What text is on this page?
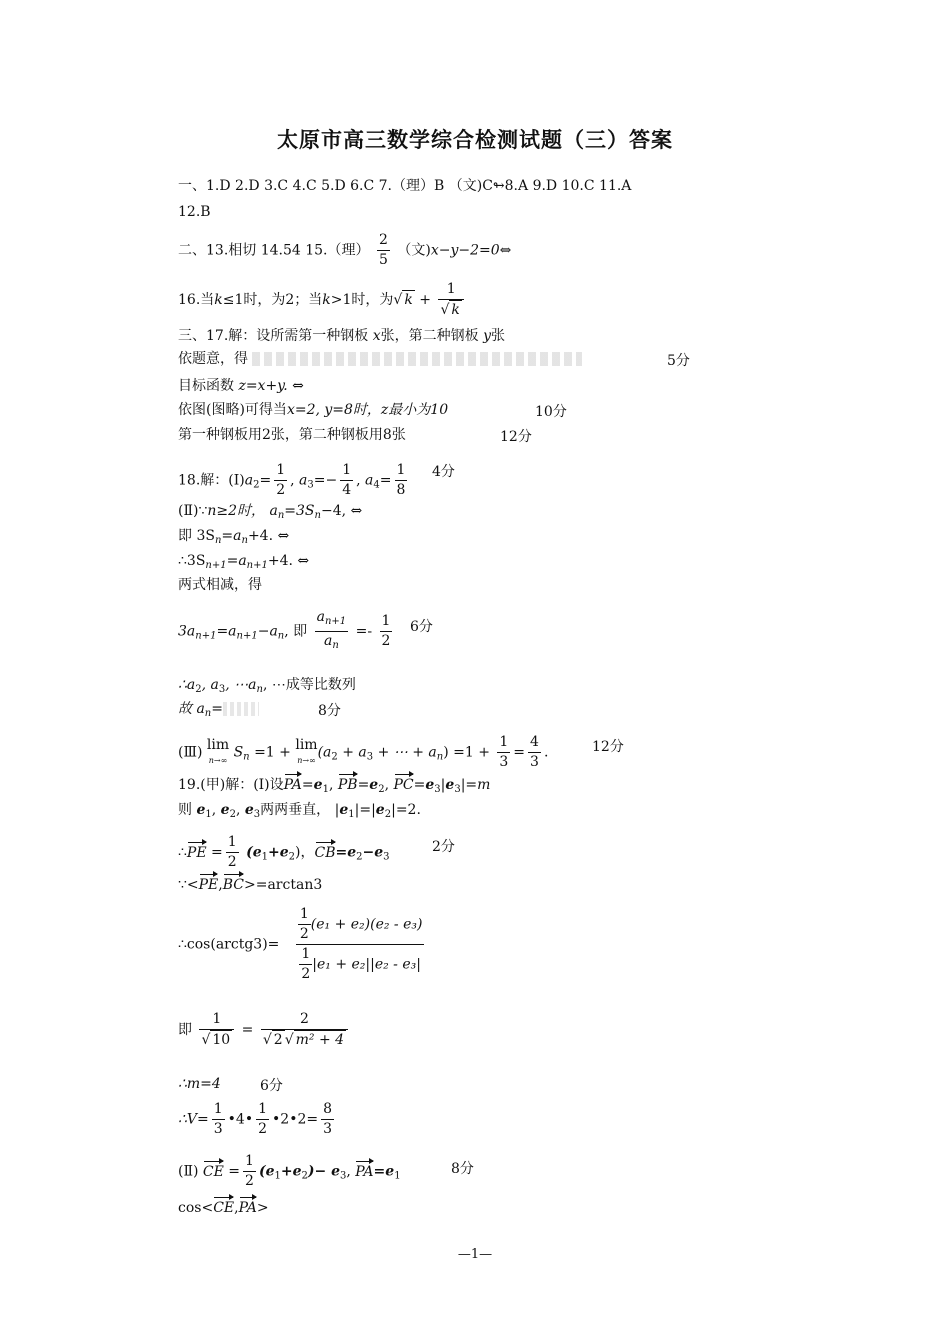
太原市高三数学综合检测试题（三）答案
一、1.D 2.D 3.C 4.C 5.D 6.C 7.（理）B （文)C↬8.A 9.D 10.C 11.A
12.B
二、13.相切 14.54 15.（理） $\frac{2}{5}$ （文)x−y−2=0⇔
16.当k≤1时，为2；当k>1时，为√ $k + \frac{1}{√ k}$
三、17.解：设所需第一种钢板 x张，第二种钢板 y张
依题意，得	5分
目标函数 z=x+y. ⇔
依图(图略)可得当x=2, y=8时，z最小为10	10分
第一种钢板用2张，第二种钢板用8张	12分
18.解：$(Ⅰ)a_2= \frac{1}{2}$ , $a_3=- \frac{1}{4}$ , $a_4= \frac{1}{8} 4$分
(Ⅱ)∵n≥2时， $a_n=3S_n-4$, ⇔
即 $3S_n=a_n+4$. ⇔
$\therefore 3S_{n+1}=a_{n+1}+4$. ⇔
两式相减，得
$3a_{n+1}=a_{n+1}-a_n$, 即 $\frac{a_{n+1}}{a_n} =- \frac{1}{2} 6$分
$\therefore a_2$, $a_3$, $\cdots a_n$, ⋯成等比数列
故 $a_n=$	8分
(Ⅲ) lim
n→∞ $S_n =1 + \lim$
n→∞ ($a_2 + a_3$ + ⋯ + $a_n) =1 + \frac{1}{3} = \frac{4}{3}$ .	12分
19.(甲)解：(Ⅰ)设$PA=e_1$, $PB=e_2$, $PC=e_3|e_3|=m$
则 $e_1$, $e_2$, $e_3$两两垂直， $|e_1|=|e_2|=2$.
∴PE = $\frac{1}{2} (e_1+e_2)$，$CB=e_2-e_3$
2分
∵<PE,BC>=arctan3
∴cos(arctg3)= $\frac{\frac{1}{2} (e_1 + e_2)(e_2 - e_3)}{\frac{1}{2} |e_1 + e_2||e_2 - e_3|}$
即 $\frac{1}{√ 10} = \frac{2}{\text{√ 2 √ m² + 4}}$
∴m=4	6分
∴V= $\frac{1}{3}$ •4• $\frac{1}{2}$ •2•2= $\frac{8}{3}$
(Ⅱ) CE = $\frac{1}{2} (e_1+e_2)- e_3$, $PA=e_1$	8分
cos<CE,PA>
—1—
